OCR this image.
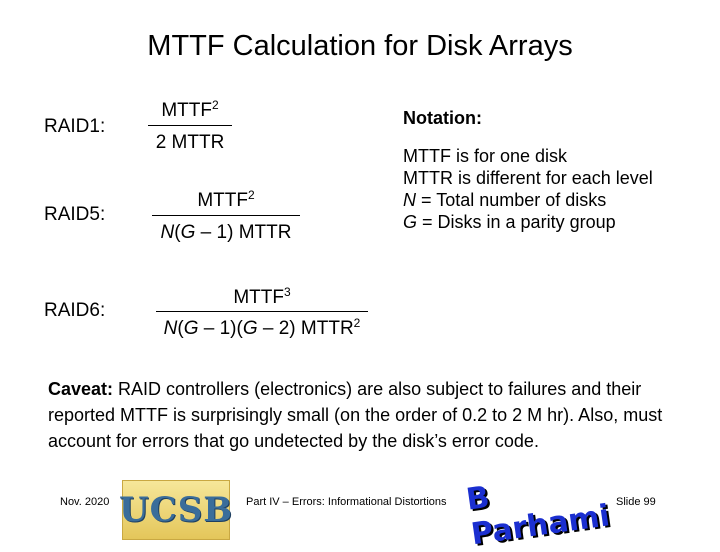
MTTF Calculation for Disk Arrays
RAID1:
MTTF$^2$
2 MTTR
RAID5:
MTTF$^2$
N(G – 1) MTTR
RAID6:
MTTF$^3$
N(G – 1)(G – 2) MTTR$^2$
Notation:
MTTF is for one disk
MTTR is different for each level
N = Total number of disks
G = Disks in a parity group
Caveat: RAID controllers (electronics) are also subject to failures and their reported MTTF is surprisingly small (on the order of 0.2 to 2 M hr). Also, must account for errors that go undetected by the disk’s error code.
Nov. 2020 UCSB Part IV – Errors: Informational Distortions B Parhami Slide 99
